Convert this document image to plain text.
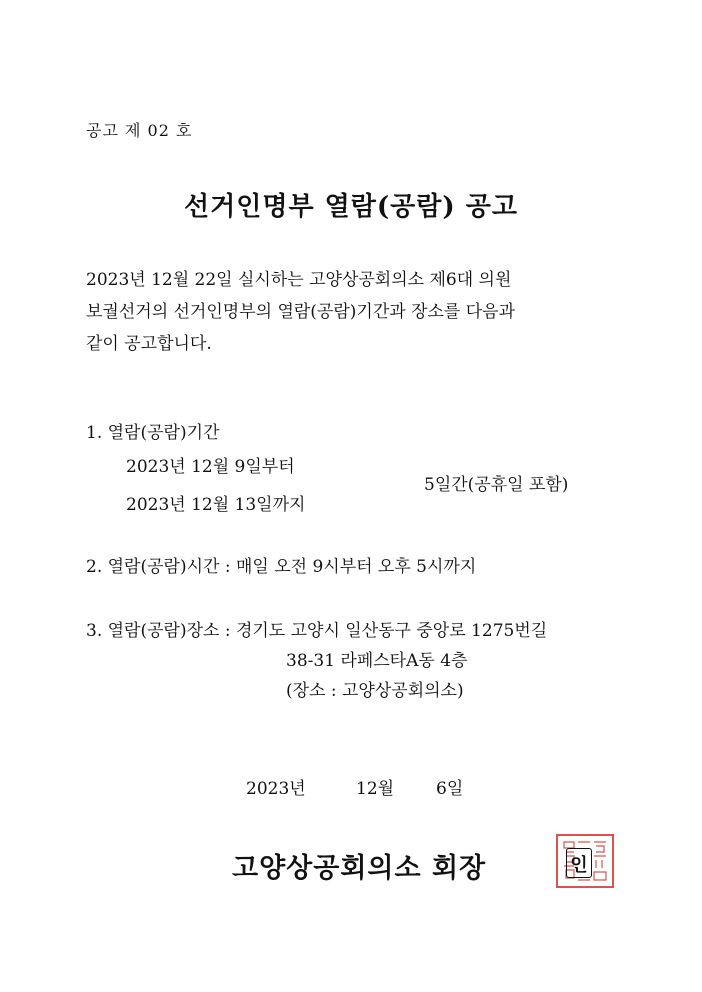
공고 제 02 호
선거인명부 열람(공람) 공고

2023년 12월 22일 실시하는 고양상공회의소 제6대 의원

보궐선거의 선거인명부의 열람(공람)기간과 장소를 다음과

같이 공고합니다.

1. 열람(공람)기간
2023년 12월 9일부터
2023년 12월 13일까지
5일간(공휴일 포함)
2. 열람(공람)시간 : 매일 오전 9시부터 오후 5시까지
3. 열람(공람)장소 : 경기도 고양시 일산동구 중앙로 1275번길
38-31 라페스타A동 4층
(장소 : 고양상공회의소)
2023년	12월 6일
고양상공회의소 회장	인
